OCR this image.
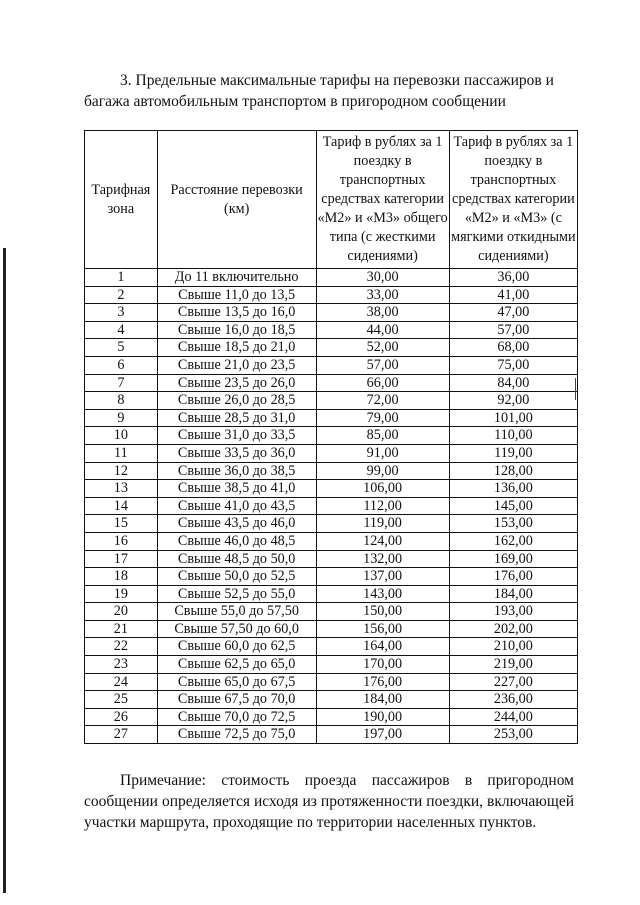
3. Предельные максимальные тарифы на перевозки пассажиров и
багажа автомобильным транспортом в пригородном сообщении
Тарифная зона	Расстояние перевозки (км)	Тариф в рублях за 1 поездку в транспортных средствах категории «М2» и «М3» общего типа (с жесткими сидениями)	Тариф в рублях за 1 поездку в транспортных средствах категории «М2» и «М3» (с мягкими откидными сидениями)
1	До 11 включительно	30,00	36,00
2	Свыше 11,0 до 13,5	33,00	41,00
3	Свыше 13,5 до 16,0	38,00	47,00
4	Свыше 16,0 до 18,5	44,00	57,00
5	Свыше 18,5 до 21,0	52,00	68,00
6	Свыше 21,0 до 23,5	57,00	75,00
7	Свыше 23,5 до 26,0	66,00	84,00
8	Свыше 26,0 до 28,5	72,00	92,00
9	Свыше 28,5 до 31,0	79,00	101,00
10	Свыше 31,0 до 33,5	85,00	110,00
11	Свыше 33,5 до 36,0	91,00	119,00
12	Свыше 36,0 до 38,5	99,00	128,00
13	Свыше 38,5 до 41,0	106,00	136,00
14	Свыше 41,0 до 43,5	112,00	145,00
15	Свыше 43,5 до 46,0	119,00	153,00
16	Свыше 46,0 до 48,5	124,00	162,00
17	Свыше 48,5 до 50,0	132,00	169,00
18	Свыше 50,0 до 52,5	137,00	176,00
19	Свыше 52,5 до 55,0	143,00	184,00
20	Свыше 55,0 до 57,50	150,00	193,00
21	Свыше 57,50 до 60,0	156,00	202,00
22	Свыше 60,0 до 62,5	164,00	210,00
23	Свыше 62,5 до 65,0	170,00	219,00
24	Свыше 65,0 до 67,5	176,00	227,00
25	Свыше 67,5 до 70,0	184,00	236,00
26	Свыше 70,0 до 72,5	190,00	244,00
27	Свыше 72,5 до 75,0	197,00	253,00
Примечание: стоимость проезда пассажиров в пригородном сообщении определяется исходя из протяженности поездки, включающей участки маршрута, проходящие по территории населенных пунктов.
